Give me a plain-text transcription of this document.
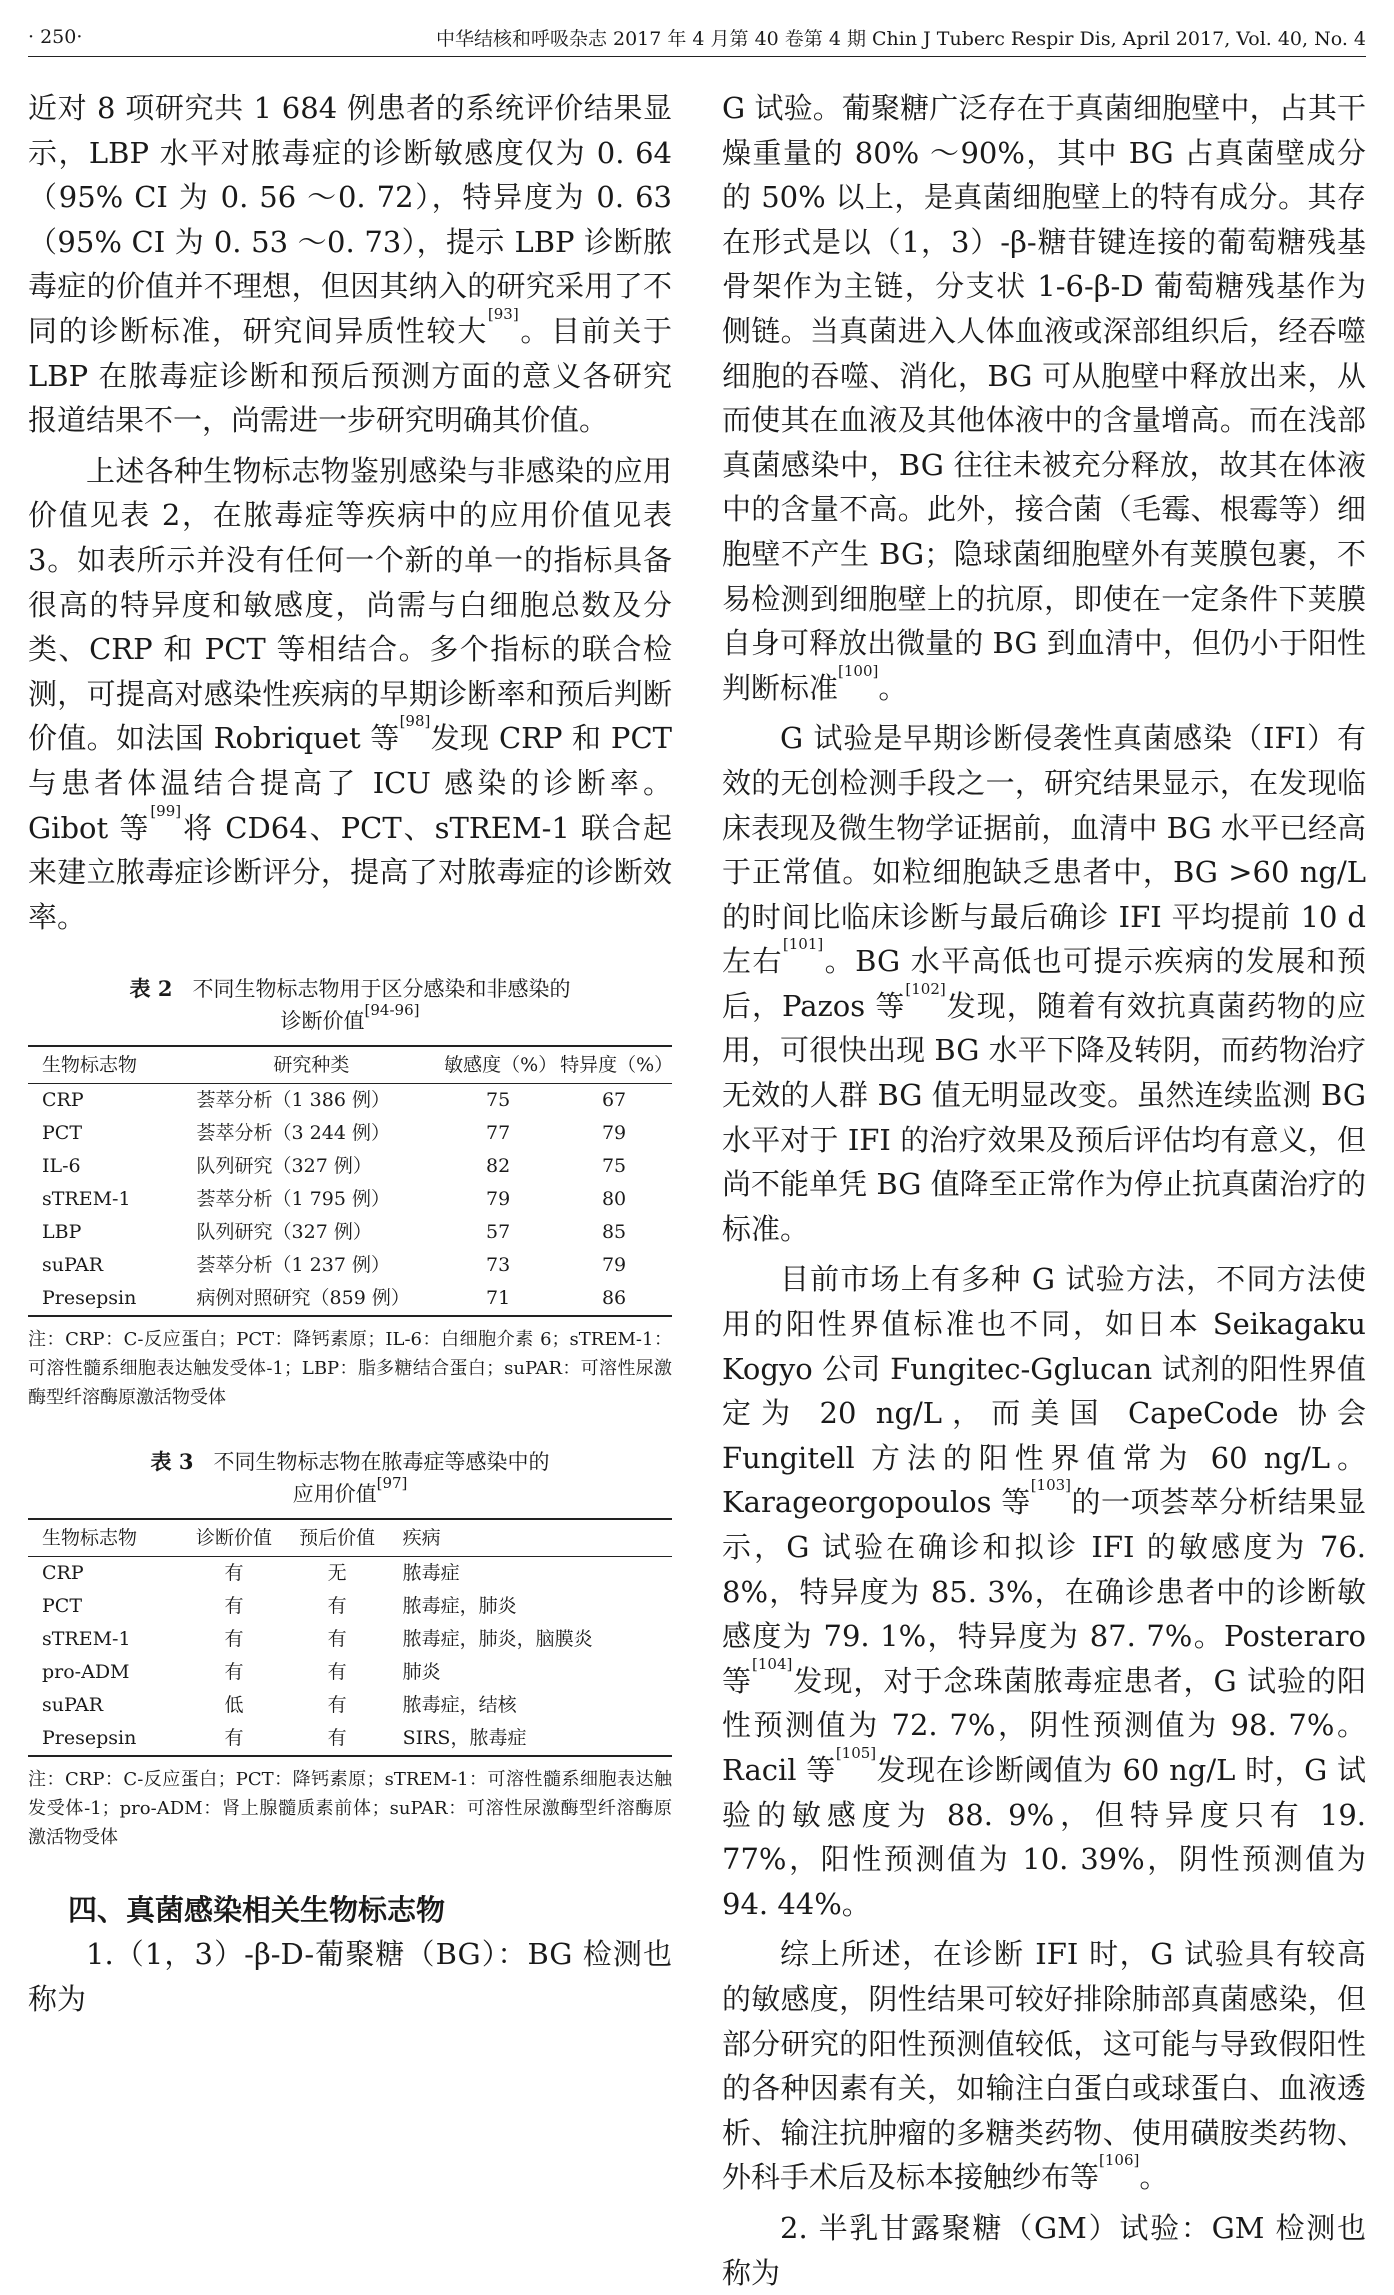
· 250·	中华结核和呼吸杂志 2017 年 4 月第 40 卷第 4 期 Chin J Tuberc Respir Dis, April 2017, Vol. 40, No. 4

近对 8 项研究共 1 684 例患者的系统评价结果显示，LBP 水平对脓毒症的诊断敏感度仅为 0. 64（95% CI 为 0. 56 ～0. 72），特异度为 0. 63（95% CI 为 0. 53 ～0. 73），提示 LBP 诊断脓毒症的价值并不理想，但因其纳入的研究采用了不同的诊断标准，研究间异质性较大[93]。目前关于 LBP 在脓毒症诊断和预后预测方面的意义各研究报道结果不一，尚需进一步研究明确其价值。

上述各种生物标志物鉴别感染与非感染的应用价值见表 2，在脓毒症等疾病中的应用价值见表 3。如表所示并没有任何一个新的单一的指标具备很高的特异度和敏感度，尚需与白细胞总数及分类、CRP 和 PCT 等相结合。多个指标的联合检测，可提高对感染性疾病的早期诊断率和预后判断价值。如法国 Robriquet 等[98]发现 CRP 和 PCT 与患者体温结合提高了 ICU 感染的诊断率。Gibot 等[99]将 CD64、PCT、sTREM-1 联合起来建立脓毒症诊断评分，提高了对脓毒症的诊断效率。

表 2 不同生物标志物用于区分感染和非感染的
诊断价值[94-96]
生物标志物	研究种类	敏感度（%）	特异度（%）
CRP	荟萃分析（1 386 例）	75	67
PCT	荟萃分析（3 244 例）	77	79
IL-6	队列研究（327 例）	82	75
sTREM-1	荟萃分析（1 795 例）	79	80
LBP	队列研究（327 例）	57	85
suPAR	荟萃分析（1 237 例）	73	79
Presepsin	病例对照研究（859 例）	71	86

注：CRP：C-反应蛋白；PCT：降钙素原；IL-6：白细胞介素 6；sTREM-1：可溶性髓系细胞表达触发受体-1；LBP：脂多糖结合蛋白；suPAR：可溶性尿激酶型纤溶酶原激活物受体

表 3 不同生物标志物在脓毒症等感染中的
应用价值[97]
生物标志物	诊断价值	预后价值	疾病
CRP	有	无	脓毒症
PCT	有	有	脓毒症，肺炎
sTREM-1	有	有	脓毒症，肺炎，脑膜炎
pro-ADM	有	有	肺炎
suPAR	低	有	脓毒症，结核
Presepsin	有	有	SIRS，脓毒症

注：CRP：C-反应蛋白；PCT：降钙素原；sTREM-1：可溶性髓系细胞表达触发受体-1；pro-ADM：肾上腺髓质素前体；suPAR：可溶性尿激酶型纤溶酶原激活物受体

四、真菌感染相关生物标志物

1.（1，3）-β-D-葡聚糖（BG）：BG 检测也称为

G 试验。葡聚糖广泛存在于真菌细胞壁中，占其干燥重量的 80% ～90%，其中 BG 占真菌壁成分的 50% 以上，是真菌细胞壁上的特有成分。其存在形式是以（1，3）-β-糖苷键连接的葡萄糖残基骨架作为主链，分支状 1-6-β-D 葡萄糖残基作为侧链。当真菌进入人体血液或深部组织后，经吞噬细胞的吞噬、消化，BG 可从胞壁中释放出来，从而使其在血液及其他体液中的含量增高。而在浅部真菌感染中，BG 往往未被充分释放，故其在体液中的含量不高。此外，接合菌（毛霉、根霉等）细胞壁不产生 BG；隐球菌细胞壁外有荚膜包裹，不易检测到细胞壁上的抗原，即使在一定条件下荚膜自身可释放出微量的 BG 到血清中，但仍小于阳性判断标准[100]。

G 试验是早期诊断侵袭性真菌感染（IFI）有效的无创检测手段之一，研究结果显示，在发现临床表现及微生物学证据前，血清中 BG 水平已经高于正常值。如粒细胞缺乏患者中，BG >60 ng/L 的时间比临床诊断与最后确诊 IFI 平均提前 10 d 左右[101]。BG 水平高低也可提示疾病的发展和预后，Pazos 等[102]发现，随着有效抗真菌药物的应用，可很快出现 BG 水平下降及转阴，而药物治疗无效的人群 BG 值无明显改变。虽然连续监测 BG 水平对于 IFI 的治疗效果及预后评估均有意义，但尚不能单凭 BG 值降至正常作为停止抗真菌治疗的标准。

目前市场上有多种 G 试验方法，不同方法使用的阳性界值标准也不同，如日本 Seikagaku Kogyo 公司 Fungitec-Gglucan 试剂的阳性界值定为 20 ng/L，而美国 CapeCode 协会 Fungitell 方法的阳性界值常为 60 ng/L。Karageorgopoulos 等[103]的一项荟萃分析结果显示，G 试验在确诊和拟诊 IFI 的敏感度为 76. 8%，特异度为 85. 3%，在确诊患者中的诊断敏感度为 79. 1%，特异度为 87. 7%。Posteraro 等[104]发现，对于念珠菌脓毒症患者，G 试验的阳性预测值为 72. 7%，阴性预测值为 98. 7%。Racil 等[105]发现在诊断阈值为 60 ng/L 时，G 试验的敏感度为 88. 9%，但特异度只有 19. 77%，阳性预测值为 10. 39%，阴性预测值为 94. 44%。

综上所述，在诊断 IFI 时，G 试验具有较高的敏感度，阴性结果可较好排除肺部真菌感染，但部分研究的阳性预测值较低，这可能与导致假阳性的各种因素有关，如输注白蛋白或球蛋白、血液透析、输注抗肿瘤的多糖类药物、使用磺胺类药物、外科手术后及标本接触纱布等[106]。

2. 半乳甘露聚糖（GM）试验：GM 检测也称为
